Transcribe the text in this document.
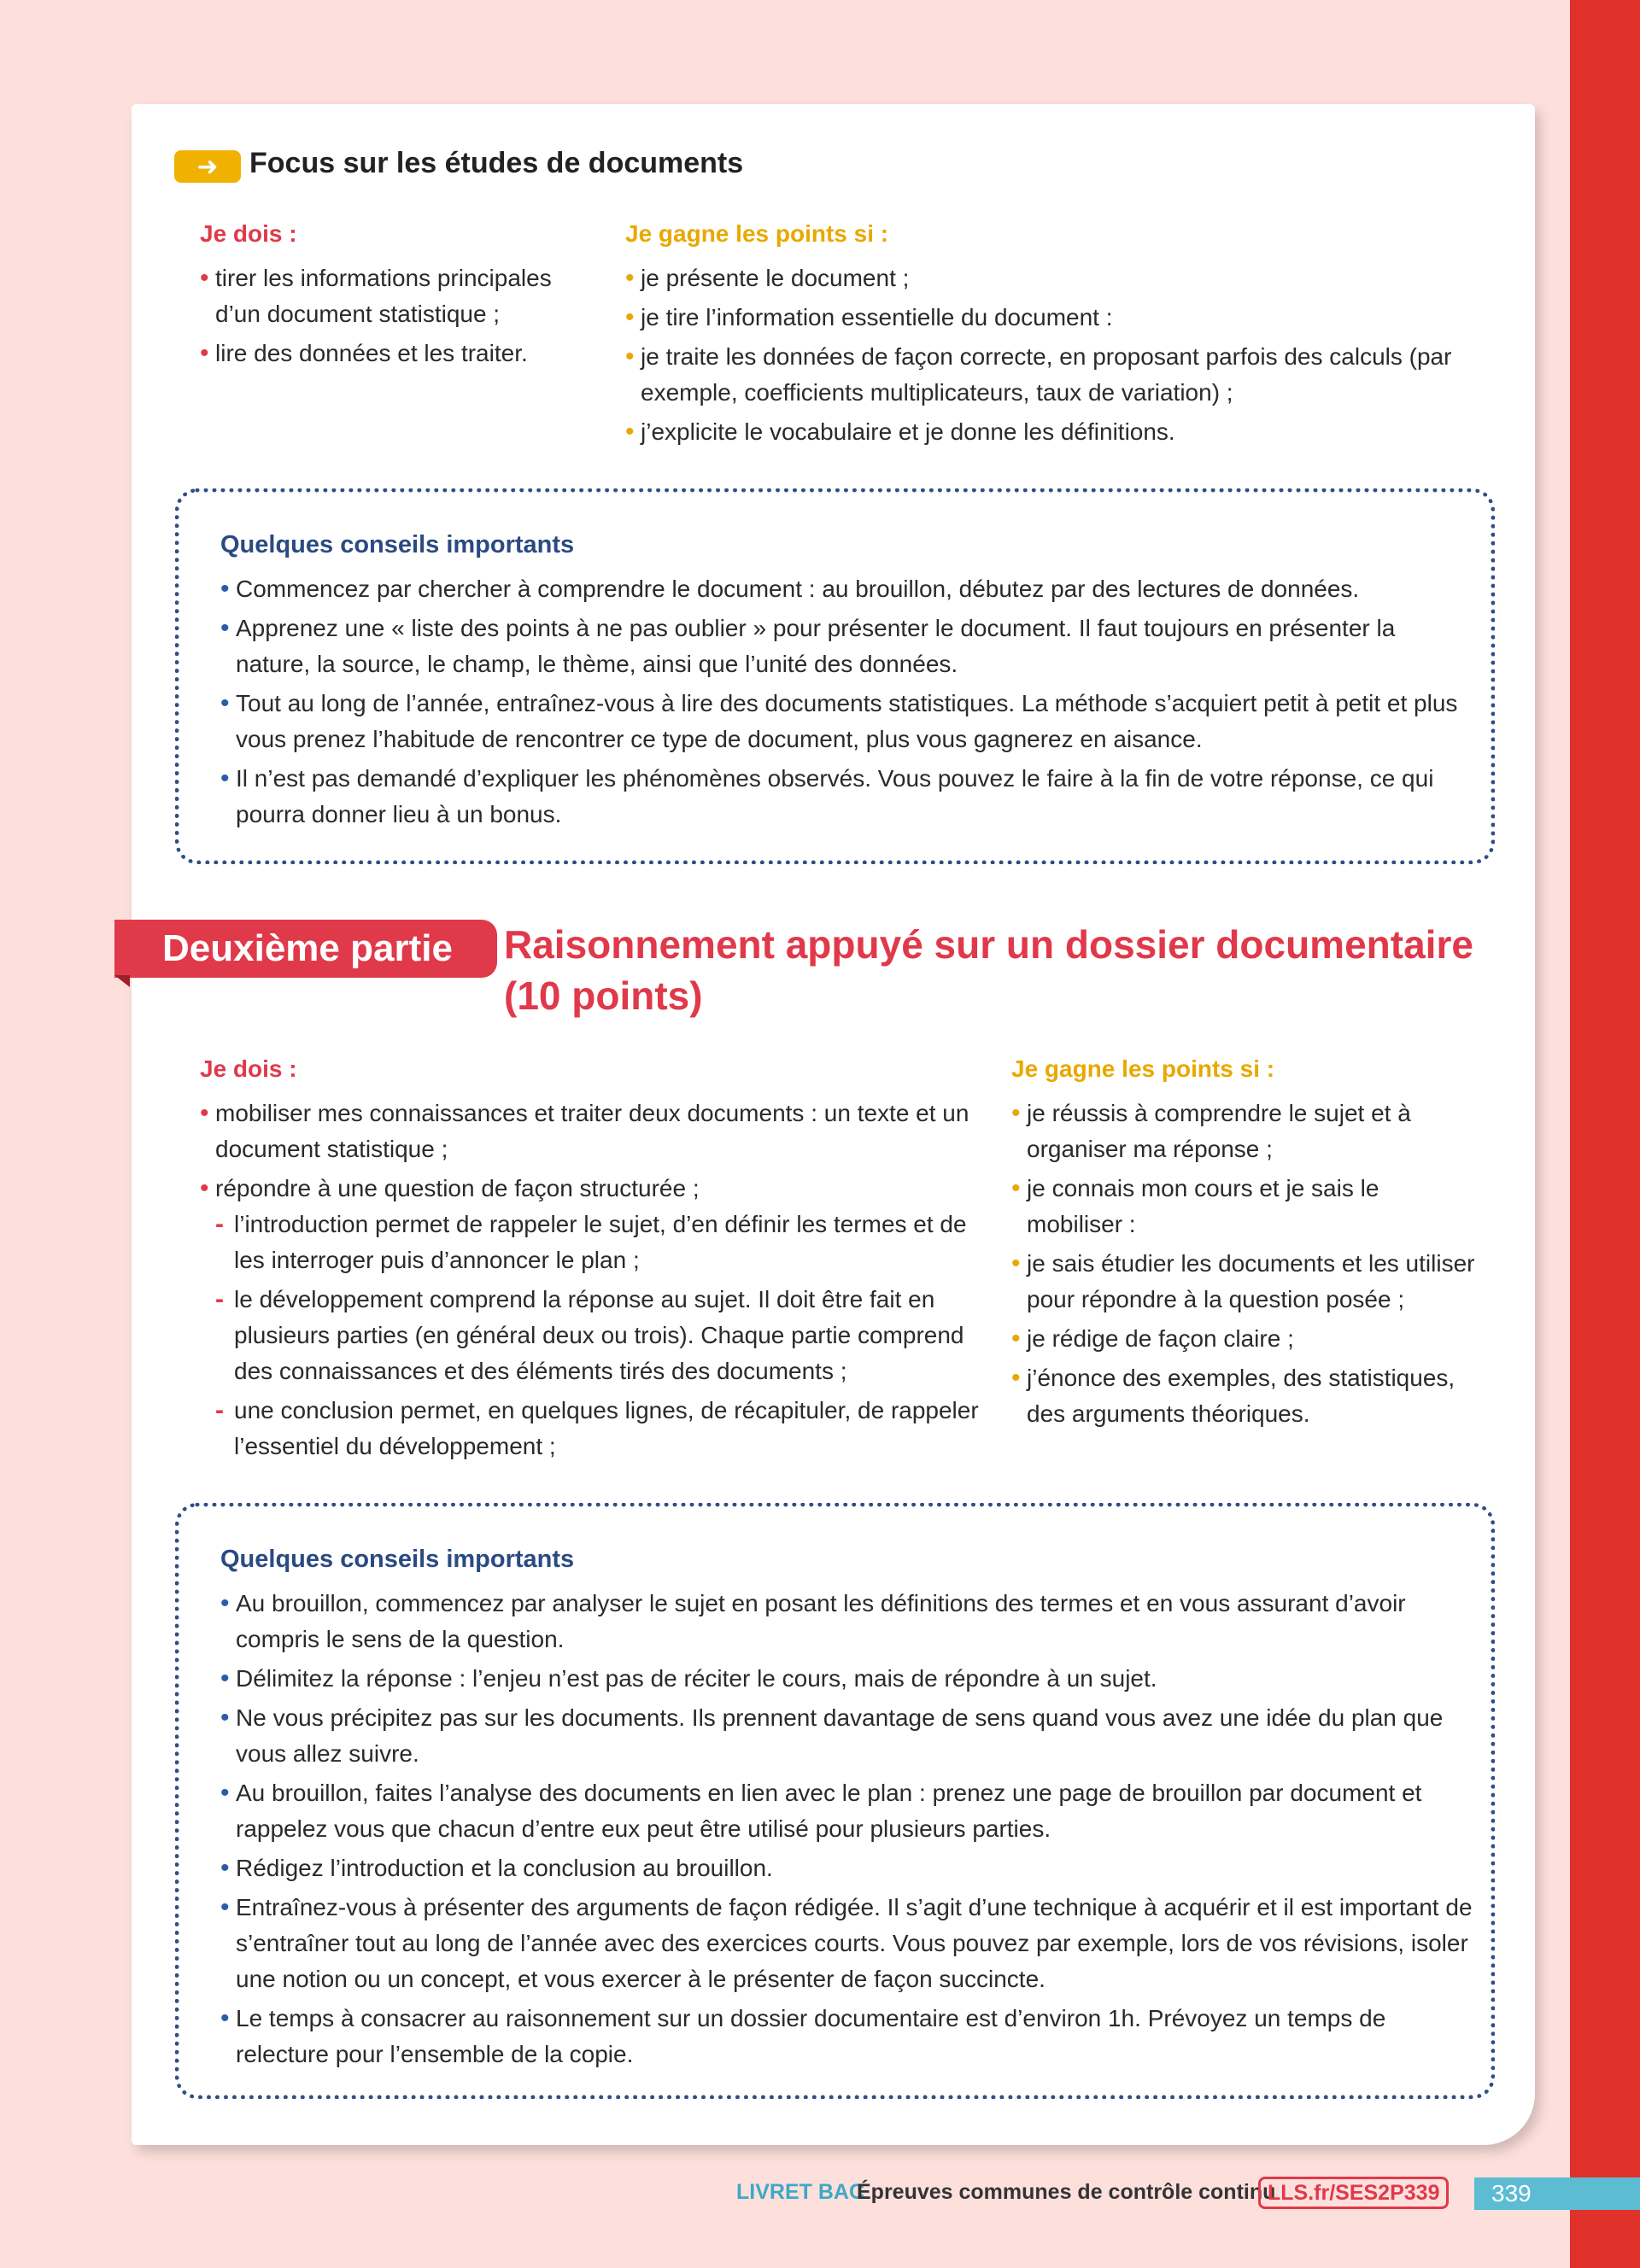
➜	Focus sur les études de documents
Je dois :
• tirer les informations principales d’un document statistique ;
• lire des données et les traiter.
Je gagne les points si :
• je présente le document ;
• je tire l’information essentielle du document :
• je traite les données de façon correcte, en proposant parfois des calculs (par exemple, coefficients multiplicateurs, taux de variation) ;
• j’explicite le vocabulaire et je donne les définitions.
Quelques conseils importants
• Commencez par chercher à comprendre le document : au brouillon, débutez par des lectures de données.
• Apprenez une « liste des points à ne pas oublier » pour présenter le document. Il faut toujours en présenter la nature, la source, le champ, le thème, ainsi que l’unité des données.
• Tout au long de l’année, entraînez-vous à lire des documents statistiques. La méthode s’acquiert petit à petit et plus vous prenez l’habitude de rencontrer ce type de document, plus vous gagnerez en aisance.
• Il n’est pas demandé d’expliquer les phénomènes observés. Vous pouvez le faire à la fin de votre réponse, ce qui pourra donner lieu à un bonus.
Deuxième partie	Raisonnement appuyé sur un dossier documentaire (10 points)
Je dois :
• mobiliser mes connaissances et traiter deux documents : un texte et un document statistique ;
• répondre à une question de façon structurée ;
- l’introduction permet de rappeler le sujet, d’en définir les termes et de les interroger puis d’annoncer le plan ;
- le développement comprend la réponse au sujet. Il doit être fait en plusieurs parties (en général deux ou trois). Chaque partie comprend des connaissances et des éléments tirés des documents ;
- une conclusion permet, en quelques lignes, de récapituler, de rappeler l’essentiel du développement ;
Je gagne les points si :
• je réussis à comprendre le sujet et à organiser ma réponse ;
• je connais mon cours et je sais le mobiliser :
• je sais étudier les documents et les utiliser pour répondre à la question posée ;
• je rédige de façon claire ;
• j’énonce des exemples, des statistiques, des arguments théoriques.
Quelques conseils importants
• Au brouillon, commencez par analyser le sujet en posant les définitions des termes et en vous assurant d’avoir compris le sens de la question.
• Délimitez la réponse : l’enjeu n’est pas de réciter le cours, mais de répondre à un sujet.
• Ne vous précipitez pas sur les documents. Ils prennent davantage de sens quand vous avez une idée du plan que vous allez suivre.
• Au brouillon, faites l’analyse des documents en lien avec le plan : prenez une page de brouillon par document et rappelez vous que chacun d’entre eux peut être utilisé pour plusieurs parties.
• Rédigez l’introduction et la conclusion au brouillon.
• Entraînez-vous à présenter des arguments de façon rédigée. Il s’agit d’une technique à acquérir et il est important de s’entraîner tout au long de l’année avec des exercices courts. Vous pouvez par exemple, lors de vos révisions, isoler une notion ou un concept, et vous exercer à le présenter de façon succincte.
• Le temps à consacrer au raisonnement sur un dossier documentaire est d’environ 1h. Prévoyez un temps de relecture pour l’ensemble de la copie.
LIVRET BAC
Épreuves communes de contrôle continu
LLS.fr/SES2P339	339
